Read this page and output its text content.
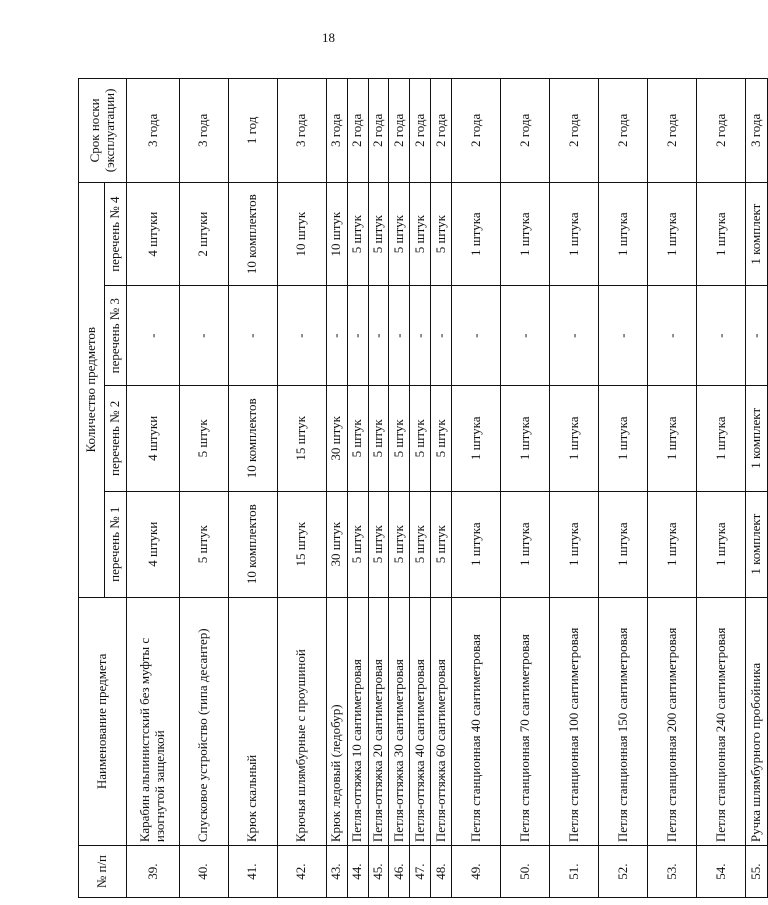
18
№ п/п	Наименование предмета	Количество предметов				Срок носки (эксплуатации)
		перечень № 1	перечень № 2	перечень № 3	перечень № 4	
39.	Карабин альпинистский без муфты с изогнутой защелкой	4 штуки	4 штуки	-	4 штуки	3 года
40.	Спусковое устройство (типа десантер)	5 штук	5 штук	-	2 штуки	3 года
41.	Крюк скальный	10 комплектов	10 комплектов	-	10 комплектов	1 год
42.	Крючья шлямбурные с проушиной	15 штук	15 штук	-	10 штук	3 года
43.	Крюк ледовый (ледобур)	30 штук	30 штук	-	10 штук	3 года
44.	Петля-оттяжка 10 сантиметровая	5 штук	5 штук	-	5 штук	2 года
45.	Петля-оттяжка 20 сантиметровая	5 штук	5 штук	-	5 штук	2 года
46.	Петля-оттяжка 30 сантиметровая	5 штук	5 штук	-	5 штук	2 года
47.	Петля-оттяжка 40 сантиметровая	5 штук	5 штук	-	5 штук	2 года
48.	Петля-оттяжка 60 сантиметровая	5 штук	5 штук	-	5 штук	2 года
49.	Петля станционная 40 сантиметровая	1 штука	1 штука	-	1 штука	2 года
50.	Петля станционная 70 сантиметровая	1 штука	1 штука	-	1 штука	2 года
51.	Петля станционная 100 сантиметровая	1 штука	1 штука	-	1 штука	2 года
52.	Петля станционная 150 сантиметровая	1 штука	1 штука	-	1 штука	2 года
53.	Петля станционная 200 сантиметровая	1 штука	1 штука	-	1 штука	2 года
54.	Петля станционная 240 сантиметровая	1 штука	1 штука	-	1 штука	2 года
55.	Ручка шлямбурного пробойника	1 комплект	1 комплект	-	1 комплект	3 года
